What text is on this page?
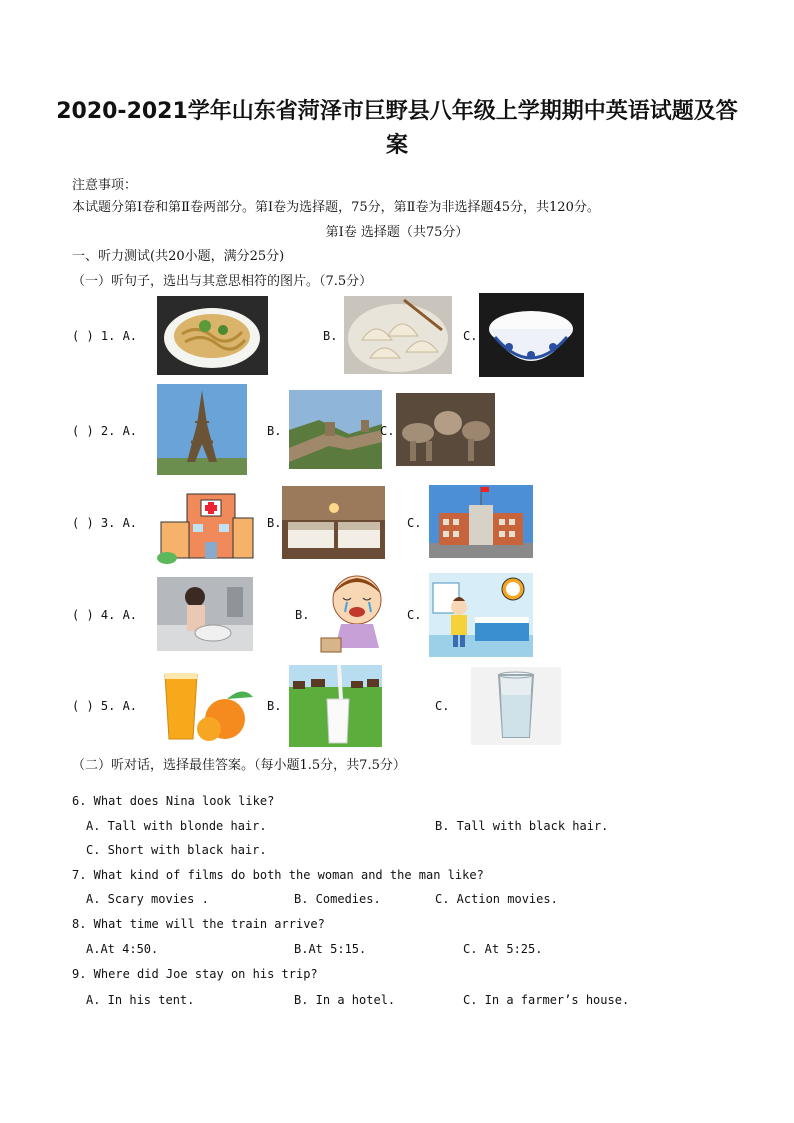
2020-2021学年山东省菏泽市巨野县八年级上学期期中英语试题及答
案
注意事项：
本试题分第Ⅰ卷和第Ⅱ卷两部分。第Ⅰ卷为选择题，75分，第Ⅱ卷为非选择题45分，共120分。
第Ⅰ卷 选择题（共75分）
一、听力测试(共20小题，满分25分)
（一）听句子，选出与其意思相符的图片。（7.5分）
( ) 1. A.	B.	C.
( ) 2. A.	B.	C.
( ) 3. A.	B.	C.
( ) 4. A.	B.	C.
( ) 5. A.	B.	C.
（二）听对话，选择最佳答案。（每小题1.5分，共7.5分）
6. What does Nina look like?
A. Tall with blonde hair.	B. Tall with black hair.
C. Short with black hair.
7. What kind of films do both the woman and the man like?
A. Scary movies .	B. Comedies.	C. Action movies.
8. What time will the train arrive?
A.At 4:50.	B.At 5:15.	C. At 5:25.
9. Where did Joe stay on his trip?
A. In his tent.	B. In a hotel.	C. In a farmer’s house.
